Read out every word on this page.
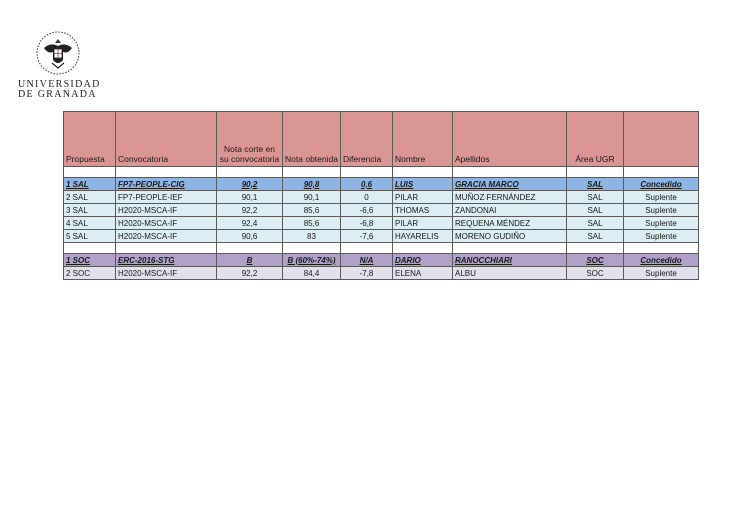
UNIVERSIDAD
DE GRANADA
Propuesta	Convocatoria	Nota corte en su convocatoria	Nota obtenida	Diferencia	Nombre	Apellidos	Área UGR	

1 SAL	FP7-PEOPLE-CIG	90,2	90,8	0,6	LUIS	GRACIA MARCO	SAL	Concedido
2 SAL	FP7-PEOPLE-IEF	90,1	90,1	0	PILAR	MUÑOZ FERNÁNDEZ	SAL	Suplente
3 SAL	H2020-MSCA-IF	92,2	85,6	-6,6	THOMAS	ZANDONAI	SAL	Suplente
4 SAL	H2020-MSCA-IF	92,4	85,6	-6,8	PILAR	REQUENA MÉNDEZ	SAL	Suplente
5 SAL	H2020-MSCA-IF	90,6	83	-7,6	HAYARELIS	MORENO GUDIÑO	SAL	Suplente

1 SOC	ERC-2016-STG	B	B (60%-74%)	N/A	DARIO	RANOCCHIARI	SOC	Concedido
2 SOC	H2020-MSCA-IF	92,2	84,4	-7,8	ELENA	ALBU	SOC	Suplente
